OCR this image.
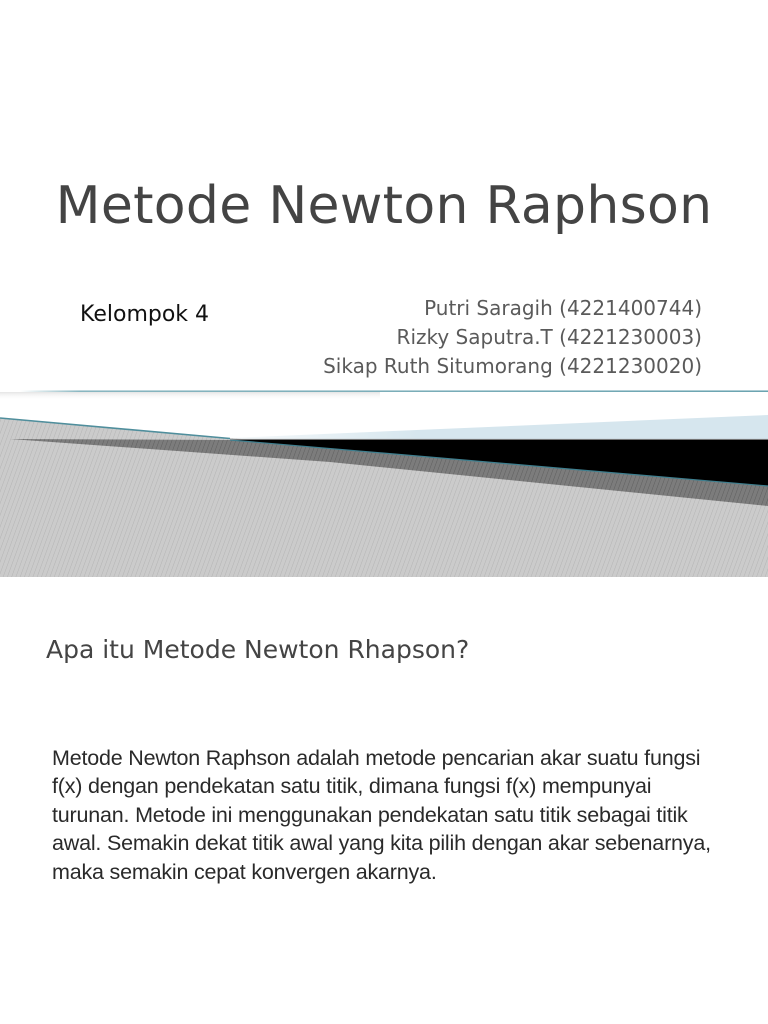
Metode Newton Raphson
Kelompok 4	Putri Saragih (4221400744)
Rizky Saputra.T (4221230003)
Sikap Ruth Situmorang (4221230020)
Apa itu Metode Newton Rhapson?

Metode Newton Raphson adalah metode pencarian akar suatu fungsi f(x) dengan pendekatan satu titik, dimana fungsi f(x) mempunyai turunan. Metode ini menggunakan pendekatan satu titik sebagai titik awal. Semakin dekat titik awal yang kita pilih dengan akar sebenarnya, maka semakin cepat konvergen akarnya.
